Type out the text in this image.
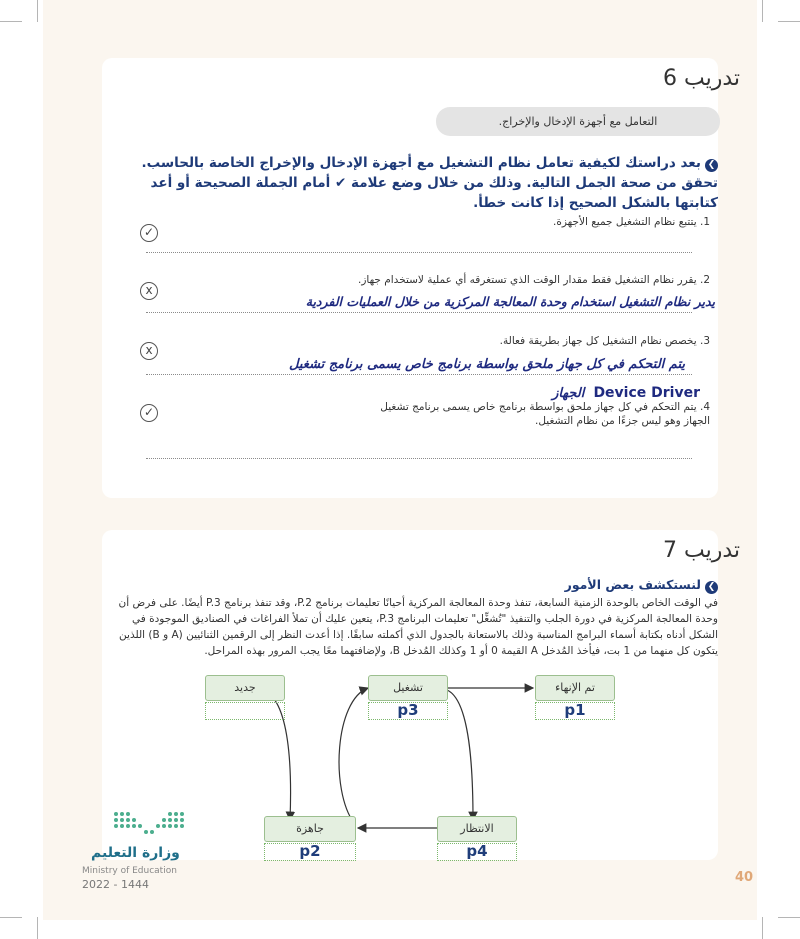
تدريب 6
التعامل مع أجهزة الإدخال والإخراج.
❯بعد دراستك لكيفية تعامل نظام التشغيل مع أجهزة الإدخال والإخراج الخاصة بالحاسب. تحقق من صحة الجمل التالية. وذلك من خلال وضع علامة ✔ أمام الجملة الصحيحة أو أعد كتابتها بالشكل الصحيح إذا كانت خطأ.
1. يتتبع نظام التشغيل جميع الأجهزة.
✓
2. يقرر نظام التشغيل فقط مقدار الوقت الذي تستغرقه أي عملية لاستخدام جهاز.
x
يدير نظام التشغيل استخدام وحدة المعالجة المركزية من خلال العمليات الفردية
3. يخصص نظام التشغيل كل جهاز بطريقة فعالة.
x
يتم التحكم في كل جهاز ملحق بواسطة برنامج خاص يسمى برنامج تشغيل
Device Driver الجهاز
4. يتم التحكم في كل جهاز ملحق بواسطة برنامج خاص يسمى برنامج تشغيل الجهاز وهو ليس جزءًا من نظام التشغيل.
✓
تدريب 7
❯لنستكشف بعض الأمور
في الوقت الخاص بالوحدة الزمنية السابعة، تنفذ وحدة المعالجة المركزية أحيانًا تعليمات برنامج P.2، وقد تنفذ برنامج P.3 أيضًا. على فرض أن وحدة المعالجة المركزية في دورة الجلب والتنفيذ "تُشغِّل" تعليمات البرنامج P.3، يتعين عليك أن تملأ الفراغات في الصناديق الموجودة في الشكل أدناه بكتابة أسماء البرامج المناسبة وذلك بالاستعانة بالجدول الذي أكملته سابقًا. إذا أعدت النظر إلى الرقمين الثنائيين (A و B) اللذين يتكون كل منهما من 1 بت، فيأخذ المُدخل A القيمة 0 أو 1 وكذلك المُدخل B، ولإضافتهما معًا يجب المرور بهذه المراحل.
جديد	تشغيل
p3
تم الإنهاء
p1
جاهزة
p2
الانتظار
p4
وزارة التعليم
Ministry of Education
2022 - 1444	40
